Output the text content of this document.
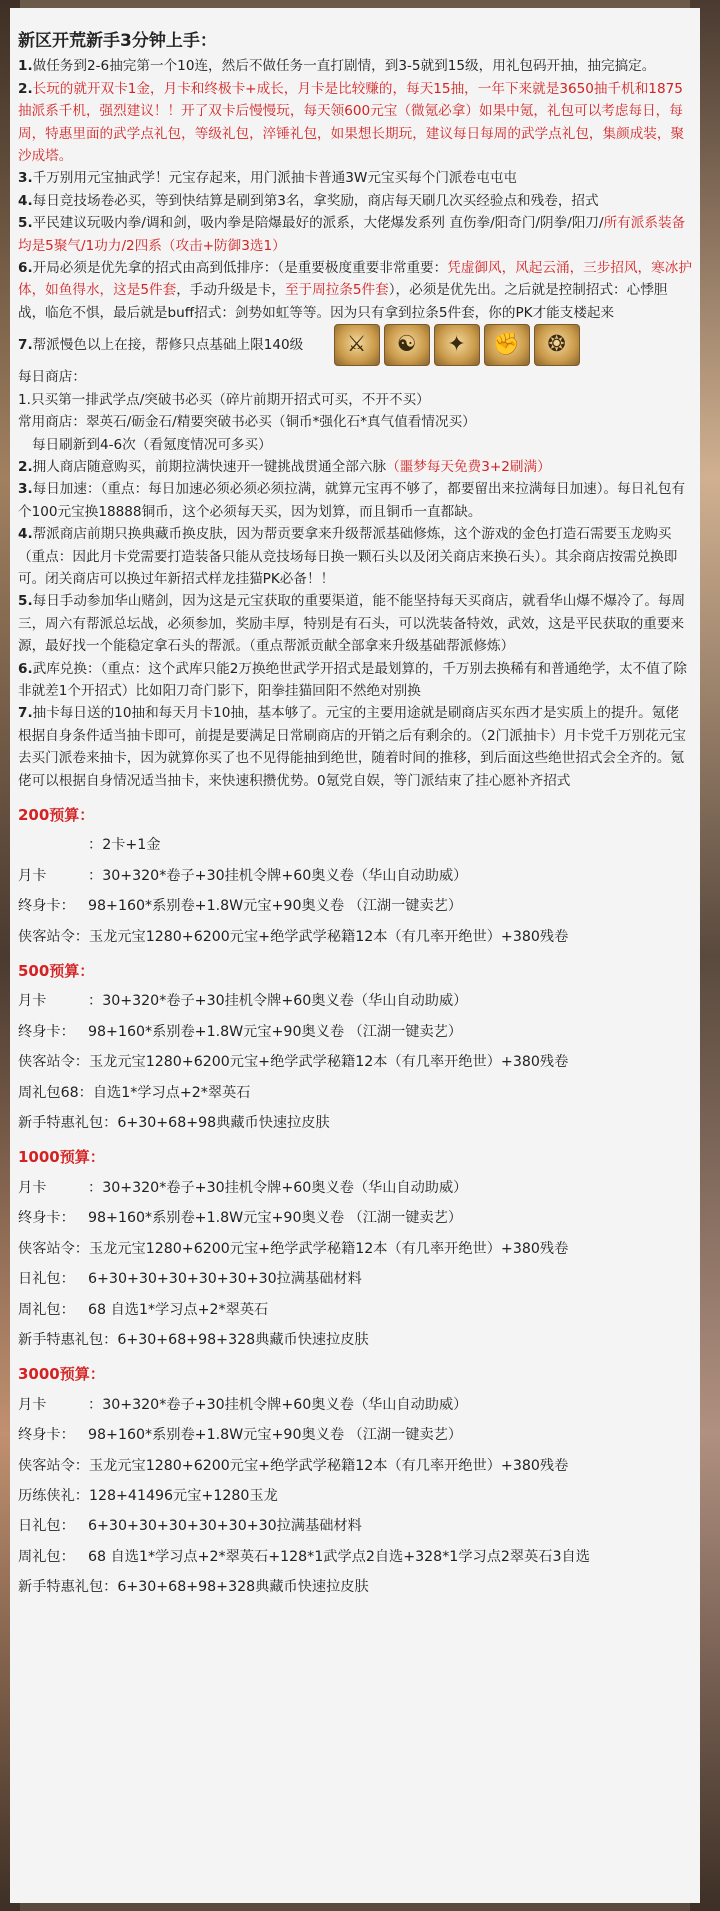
新区开荒新手3分钟上手：

1.做任务到2-6抽完第一个10连，然后不做任务一直打剧情，到3-5就到15级，用礼包码开抽，抽完搞定。

2.长玩的就开双卡1金，月卡和终极卡+成长，月卡是比较赚的，每天15抽，一年下来就是3650抽千机和1875抽派系千机，强烈建议！！开了双卡后慢慢玩，每天领600元宝（微氪必拿）如果中氪，礼包可以考虑每日，每周，特惠里面的武学点礼包，等级礼包，淬锤礼包，如果想长期玩，建议每日每周的武学点礼包，集颜成装，聚沙成塔。

3.千万别用元宝抽武学！元宝存起来，用门派抽卡普通3W元宝买每个门派卷屯屯屯

4.每日竞技场卷必买，等到快结算是刷到第3名，拿奖励，商店每天刷几次买经验点和残卷，招式

5.平民建议玩吸内拳/调和剑，吸内拳是陪爆最好的派系，大佬爆发系列 直伤拳/阳奇门/阴拳/阳刀/所有派系装备均是5聚气/1功力/2四系（攻击+防御3选1）

6.开局必须是优先拿的招式由高到低排序：（是重要极度重要非常重要：凭虚御风，风起云涌，三步招风，寒冰护体，如鱼得水，这是5件套，手动升级是卡，至于周拉条5件套），必须是优先出。之后就是控制招式：心悸胆战，临危不惧，最后就是buff招式：剑势如虹等等。因为只有拿到拉条5件套，你的PK才能支楼起来

7.帮派慢色以上在接，帮修只点基础上限140级	⚔	☯	✦	✊	❂

每日商店：

1.只买第一排武学点/突破书必买（碎片前期开招式可买，不开不买）

常用商店：翠英石/砺金石/精要突破书必买（铜币*强化石*真气值看情况买）

每日刷新到4-6次（看氪度情况可多买）

2.拥人商店随意购买，前期拉满快速开一键挑战贯通全部六脉（噩梦每天免费3+2刷满）

3.每日加速：（重点：每日加速必须必须必须拉满，就算元宝再不够了，都要留出来拉满每日加速）。每日礼包有个100元宝换18888铜币，这个必须每天买，因为划算，而且铜币一直都缺。

4.帮派商店前期只换典藏币换皮肤，因为帮贡要拿来升级帮派基础修炼，这个游戏的金色打造石需要玉龙购买（重点：因此月卡党需要打造装备只能从竞技场每日换一颗石头以及闭关商店来换石头）。其余商店按需兑换即可。闭关商店可以换过年新招式样龙挂猫PK必备！！

5.每日手动参加华山赌剑，因为这是元宝获取的重要渠道，能不能坚持每天买商店，就看华山爆不爆冷了。每周三，周六有帮派总坛战，必须参加，奖励丰厚，特别是有石头，可以洗装备特效，武效，这是平民获取的重要来源，最好找一个能稳定拿石头的帮派。（重点帮派贡献全部拿来升级基础帮派修炼）

6.武库兑换：（重点：这个武库只能2万换绝世武学开招式是最划算的，千万别去换稀有和普通绝学，太不值了除非就差1个开招式）比如阳刀奇门影下，阳拳挂猫回阳不然绝对别换

7.抽卡每日送的10抽和每天月卡10抽，基本够了。元宝的主要用途就是刷商店买东西才是实质上的提升。氪佬根据自身条件适当抽卡即可，前提是要满足日常刷商店的开销之后有剩余的。（2门派抽卡）月卡党千万别花元宝去买门派卷来抽卡，因为就算你买了也不见得能抽到绝世，随着时间的推移，到后面这些绝世招式会全齐的。氪佬可以根据自身情况适当抽卡，来快速积攒优势。0氪党自娱，等门派结束了挂心愿补齐招式

200预算：
：2卡+1金
月卡	：30+320*卷子+30挂机令牌+60奥义卷（华山自动助威）
终身卡： 98+160*系别卷+1.8W元宝+90奥义卷 （江湖一键卖艺）
侠客站令：玉龙元宝1280+6200元宝+绝学武学秘籍12本（有几率开绝世）+380残卷
500预算：
月卡	：30+320*卷子+30挂机令牌+60奥义卷（华山自动助威）
终身卡： 98+160*系别卷+1.8W元宝+90奥义卷 （江湖一键卖艺）
侠客站令：玉龙元宝1280+6200元宝+绝学武学秘籍12本（有几率开绝世）+380残卷
周礼包68：自选1*学习点+2*翠英石
新手特惠礼包：6+30+68+98典藏币快速拉皮肤
1000预算：
月卡	：30+320*卷子+30挂机令牌+60奥义卷（华山自动助威）
终身卡： 98+160*系别卷+1.8W元宝+90奥义卷 （江湖一键卖艺）
侠客站令：玉龙元宝1280+6200元宝+绝学武学秘籍12本（有几率开绝世）+380残卷
日礼包： 6+30+30+30+30+30+30拉满基础材料
周礼包： 68 自选1*学习点+2*翠英石
新手特惠礼包：6+30+68+98+328典藏币快速拉皮肤
3000预算：
月卡	：30+320*卷子+30挂机令牌+60奥义卷（华山自动助威）
终身卡： 98+160*系别卷+1.8W元宝+90奥义卷 （江湖一键卖艺）
侠客站令：玉龙元宝1280+6200元宝+绝学武学秘籍12本（有几率开绝世）+380残卷
历练侠礼：128+41496元宝+1280玉龙
日礼包： 6+30+30+30+30+30+30拉满基础材料
周礼包： 68 自选1*学习点+2*翠英石+128*1武学点2自选+328*1学习点2翠英石3自选
新手特惠礼包：6+30+68+98+328典藏币快速拉皮肤
